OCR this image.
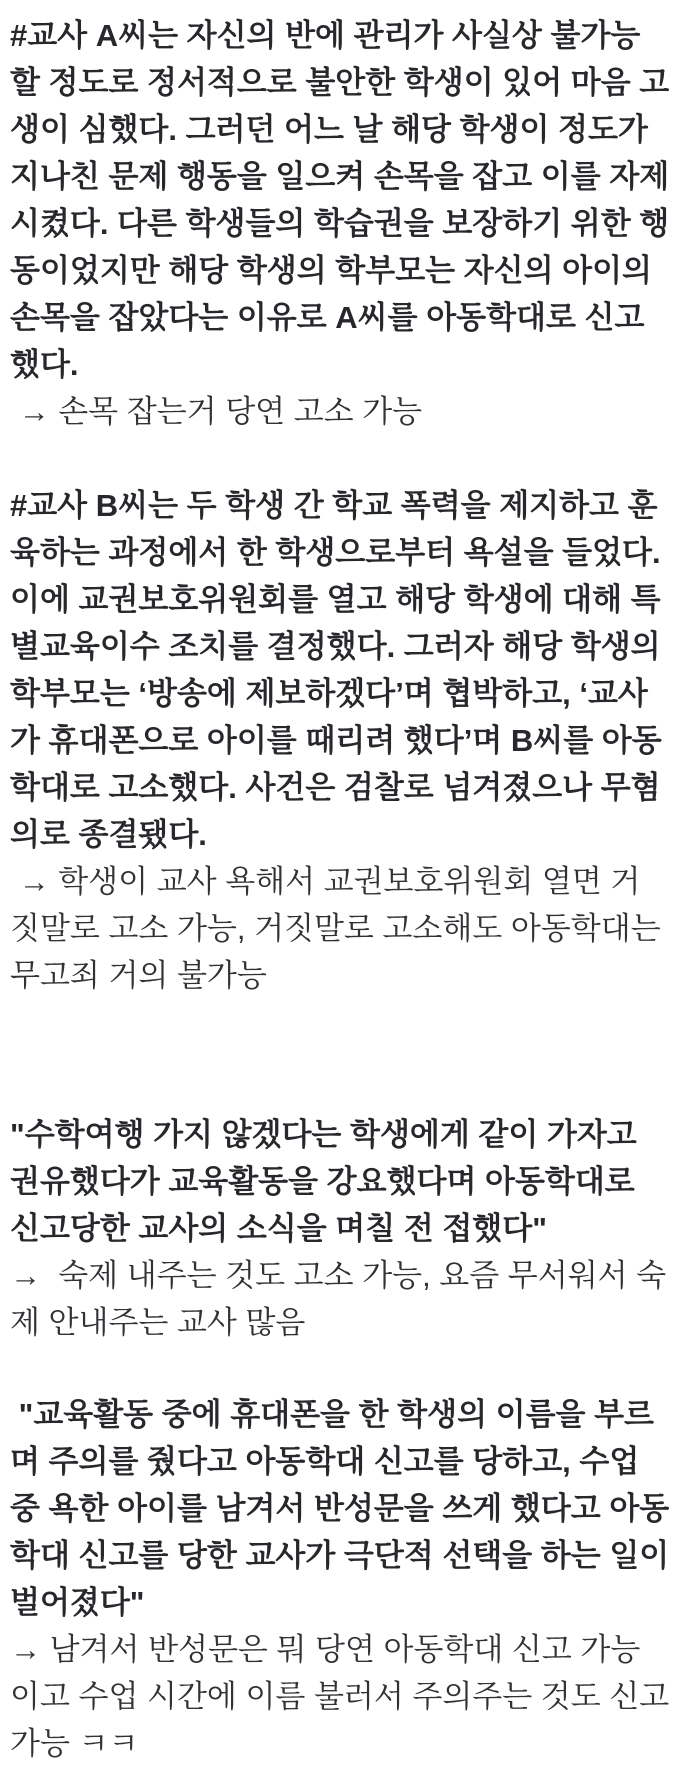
#교사 A씨는 자신의 반에 관리가 사실상 불가능할 정도로 정서적으로 불안한 학생이 있어 마음 고생이 심했다. 그러던 어느 날 해당 학생이 정도가 지나친 문제 행동을 일으켜 손목을 잡고 이를 자제시켰다. 다른 학생들의 학습권을 보장하기 위한 행동이었지만 해당 학생의 학부모는 자신의 아이의 손목을 잡았다는 이유로 A씨를 아동학대로 신고했다.

→ 손목 잡는거 당연 고소 가능

#교사 B씨는 두 학생 간 학교 폭력을 제지하고 훈육하는 과정에서 한 학생으로부터 욕설을 들었다. 이에 교권보호위원회를 열고 해당 학생에 대해 특별교육이수 조치를 결정했다. 그러자 해당 학생의 학부모는 ‘방송에 제보하겠다’며 협박하고, ‘교사가 휴대폰으로 아이를 때리려 했다’며 B씨를 아동학대로 고소했다. 사건은 검찰로 넘겨졌으나 무혐의로 종결됐다.

→ 학생이 교사 욕해서 교권보호위원회 열면 거짓말로 고소 가능, 거짓말로 고소해도 아동학대는 무고죄 거의 불가능

"수학여행 가지 않겠다는 학생에게 같이 가자고 권유했다가 교육활동을 강요했다며 아동학대로 신고당한 교사의 소식을 며칠 전 접했다"

→  숙제 내주는 것도 고소 가능, 요즘 무서워서 숙제 안내주는 교사 많음

"교육활동 중에 휴대폰을 한 학생의 이름을 부르며 주의를 줬다고 아동학대 신고를 당하고, 수업 중 욕한 아이를 남겨서 반성문을 쓰게 했다고 아동학대 신고를 당한 교사가 극단적 선택을 하는 일이 벌어졌다"

→ 남겨서 반성문은 뭐 당연 아동학대 신고 가능이고 수업 시간에 이름 불러서 주의주는 것도 신고가능 ㅋㅋ
